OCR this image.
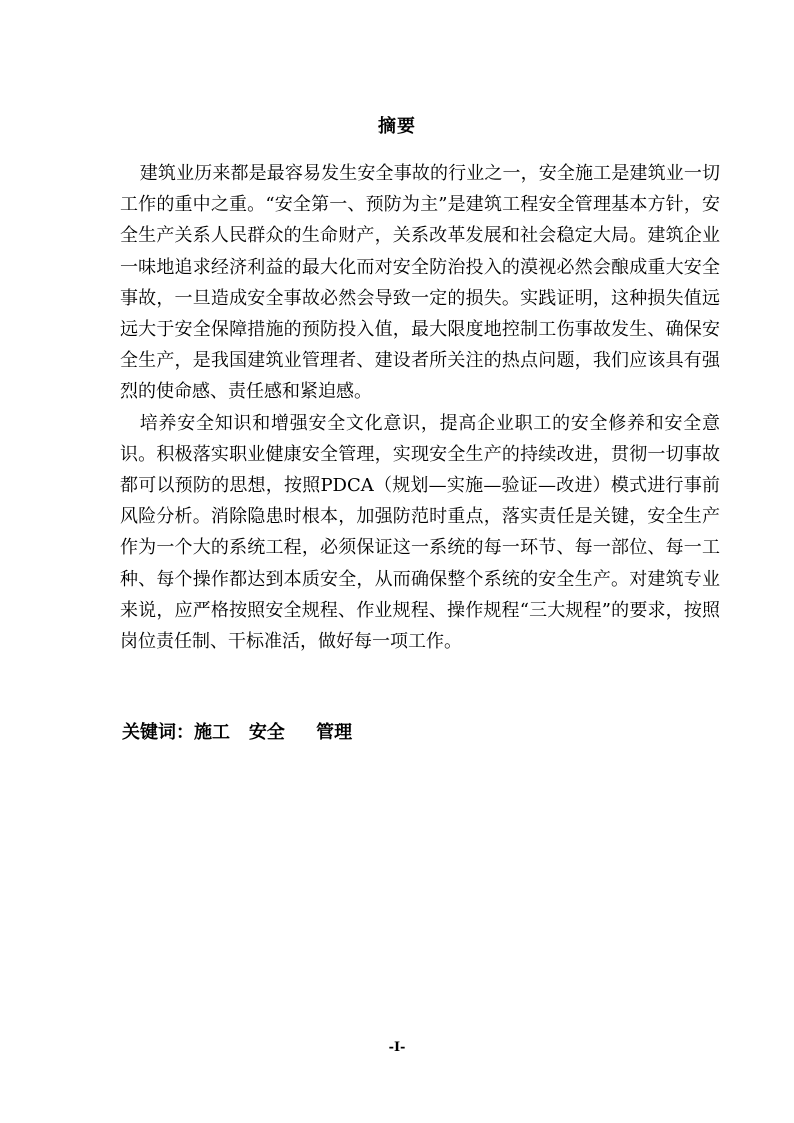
摘要

建筑业历来都是最容易发生安全事故的行业之一，安全施工是建筑业一切工作的重中之重。“安全第一、预防为主”是建筑工程安全管理基本方针，安全生产关系人民群众的生命财产，关系改革发展和社会稳定大局。建筑企业一味地追求经济利益的最大化而对安全防治投入的漠视必然会酿成重大安全事故，一旦造成安全事故必然会导致一定的损失。实践证明，这种损失值远远大于安全保障措施的预防投入值，最大限度地控制工伤事故发生、确保安全生产，是我国建筑业管理者、建设者所关注的热点问题，我们应该具有强烈的使命感、责任感和紧迫感。

培养安全知识和增强安全文化意识，提高企业职工的安全修养和安全意识。积极落实职业健康安全管理，实现安全生产的持续改进，贯彻一切事故都可以预防的思想，按照PDCA（规划—实施—验证—改进）模式进行事前风险分析。消除隐患时根本，加强防范时重点，落实责任是关键，安全生产作为一个大的系统工程，必须保证这一系统的每一环节、每一部位、每一工种、每个操作都达到本质安全，从而确保整个系统的安全生产。对建筑专业来说，应严格按照安全规程、作业规程、操作规程“三大规程”的要求，按照岗位责任制、干标准活，做好每一项工作。

关键词：施工 安全 管理
-I-
